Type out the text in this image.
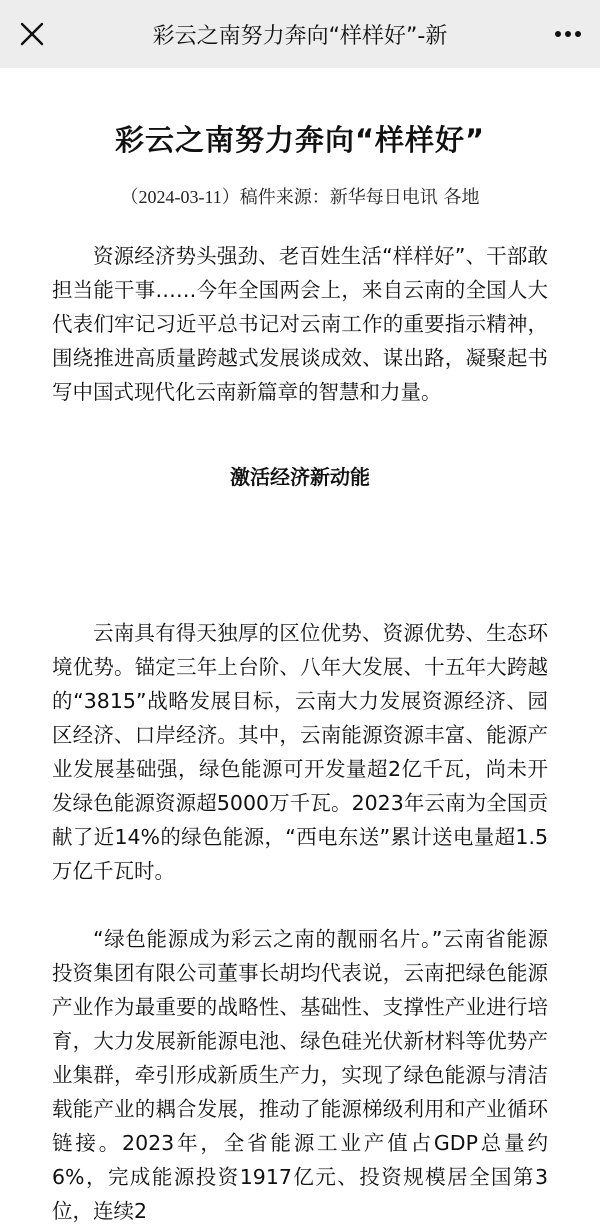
彩云之南努力奔向“样样好”-新
彩云之南努力奔向“样样好”
（2024-03-11）稿件来源：新华每日电讯 各地

资源经济势头强劲、老百姓生活“样样好”、干部敢担当能干事……今年全国两会上，来自云南的全国人大代表们牢记习近平总书记对云南工作的重要指示精神，围绕推进高质量跨越式发展谈成效、谋出路，凝聚起书写中国式现代化云南新篇章的智慧和力量。

激活经济新动能

云南具有得天独厚的区位优势、资源优势、生态环境优势。锚定三年上台阶、八年大发展、十五年大跨越的“3815”战略发展目标，云南大力发展资源经济、园区经济、口岸经济。其中，云南能源资源丰富、能源产业发展基础强，绿色能源可开发量超2亿千瓦，尚未开发绿色能源资源超5000万千瓦。2023年云南为全国贡献了近14%的绿色能源，“西电东送”累计送电量超1.5万亿千瓦时。

“绿色能源成为彩云之南的靓丽名片。”云南省能源投资集团有限公司董事长胡均代表说，云南把绿色能源产业作为最重要的战略性、基础性、支撑性产业进行培育，大力发展新能源电池、绿色硅光伏新材料等优势产业集群，牵引形成新质生产力，实现了绿色能源与清洁载能产业的耦合发展，推动了能源梯级利用和产业循环链接。2023年，全省能源工业产值占GDP总量约6%，完成能源投资1917亿元、投资规模居全国第3位，连续2
